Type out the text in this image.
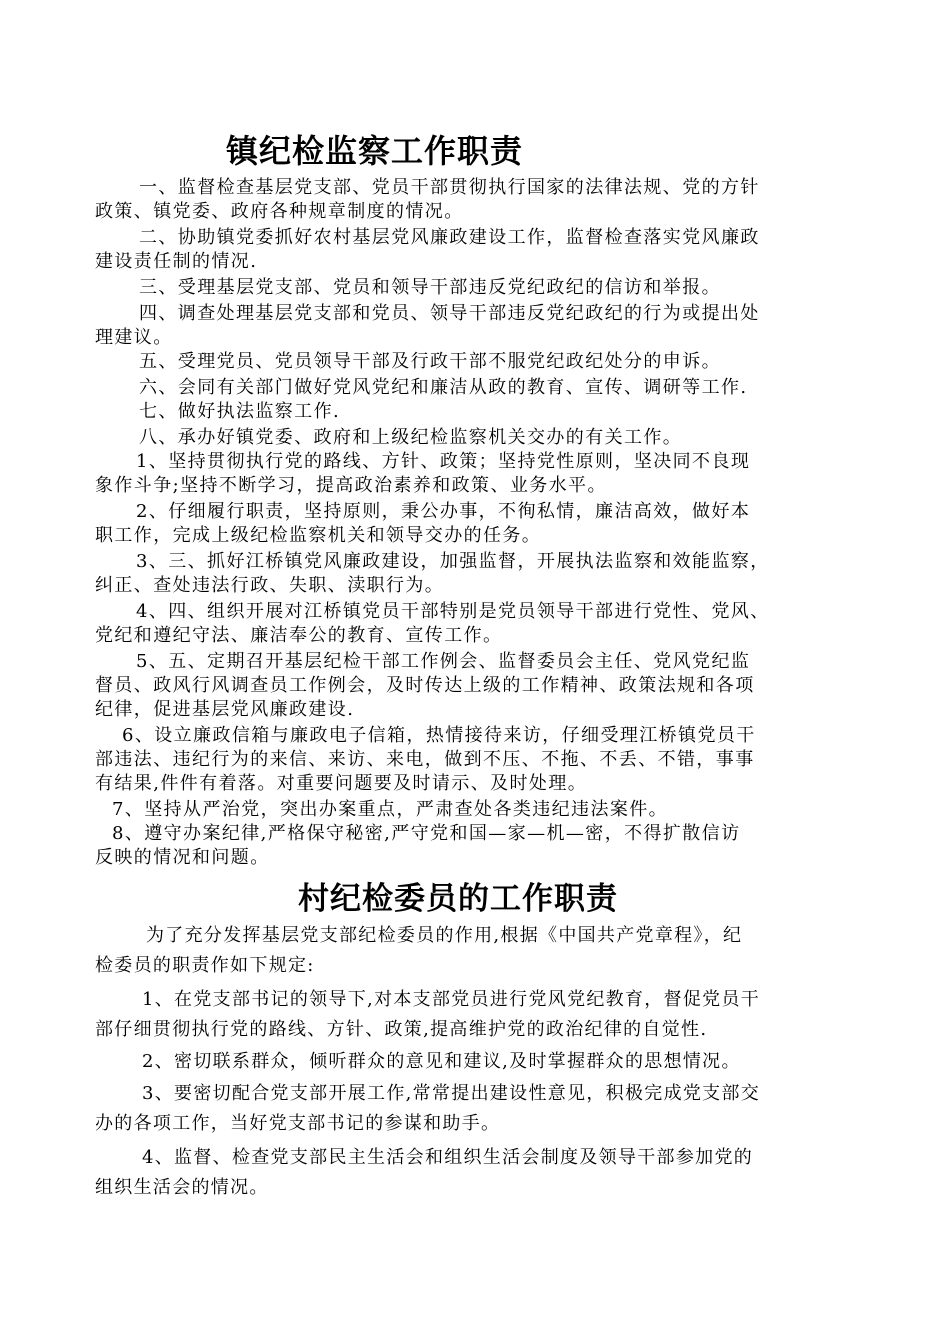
镇纪检监察工作职责

一、监督检查基层党支部、党员干部贯彻执行国家的法律法规、党的方针

政策、镇党委、政府各种规章制度的情况。

二、协助镇党委抓好农村基层党风廉政建设工作，监督检查落实党风廉政

建设责任制的情况.

三、受理基层党支部、党员和领导干部违反党纪政纪的信访和举报。

四、调查处理基层党支部和党员、领导干部违反党纪政纪的行为或提出处

理建议。

五、受理党员、党员领导干部及行政干部不服党纪政纪处分的申诉。

六、会同有关部门做好党风党纪和廉洁从政的教育、宣传、调研等工作.

七、做好执法监察工作.

八、承办好镇党委、政府和上级纪检监察机关交办的有关工作。

1、坚持贯彻执行党的路线、方针、政策；坚持党性原则，坚决同不良现

象作斗争;坚持不断学习，提高政治素养和政策、业务水平。

2、仔细履行职责，坚持原则，秉公办事，不徇私情，廉洁高效，做好本

职工作，完成上级纪检监察机关和领导交办的任务。

3、三、抓好江桥镇党风廉政建设，加强监督，开展执法监察和效能监察，

纠正、查处违法行政、失职、渎职行为。

4、四、组织开展对江桥镇党员干部特别是党员领导干部进行党性、党风、

党纪和遵纪守法、廉洁奉公的教育、宣传工作。

5、五、定期召开基层纪检干部工作例会、监督委员会主任、党风党纪监

督员、政风行风调查员工作例会，及时传达上级的工作精神、政策法规和各项

纪律，促进基层党风廉政建设.

6、设立廉政信箱与廉政电子信箱，热情接待来访，仔细受理江桥镇党员干

部违法、违纪行为的来信、来访、来电，做到不压、不拖、不丢、不错，事事

有结果,件件有着落。对重要问题要及时请示、及时处理。

7、坚持从严治党，突出办案重点，严肃查处各类违纪违法案件。

8、遵守办案纪律,严格保守秘密,严守党和国—家—机—密，不得扩散信访

反映的情况和问题。

村纪检委员的工作职责

为了充分发挥基层党支部纪检委员的作用,根据《中国共产党章程》，纪

检委员的职责作如下规定:

1、在党支部书记的领导下,对本支部党员进行党风党纪教育，督促党员干

部仔细贯彻执行党的路线、方针、政策,提高维护党的政治纪律的自觉性.

2、密切联系群众，倾听群众的意见和建议,及时掌握群众的思想情况。

3、要密切配合党支部开展工作,常常提出建设性意见，积极完成党支部交

办的各项工作，当好党支部书记的参谋和助手。

4、监督、检查党支部民主生活会和组织生活会制度及领导干部参加党的

组织生活会的情况。
